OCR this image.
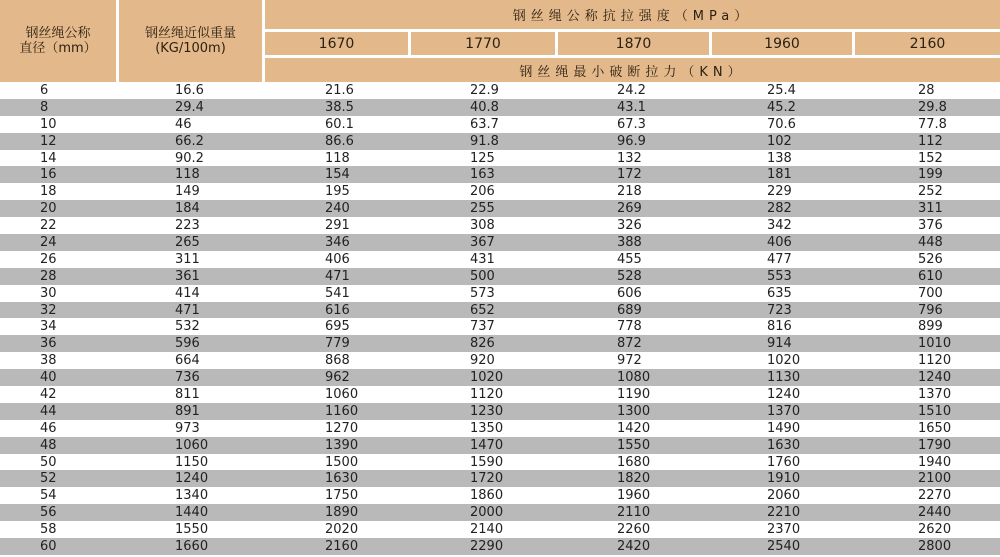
钢丝绳公称
直径（mm）
钢丝绳近似重量
(KG/100m)
钢丝绳公称抗拉强度（MPa）
1670	1770	1870	1960	2160
钢丝绳最小破断拉力（KN）
6	16.6	21.6	22.9	24.2	25.4	28
8	29.4	38.5	40.8	43.1	45.2	29.8
10	46	60.1	63.7	67.3	70.6	77.8
12	66.2	86.6	91.8	96.9	102	112
14	90.2	118	125	132	138	152
16	118	154	163	172	181	199
18	149	195	206	218	229	252
20	184	240	255	269	282	311
22	223	291	308	326	342	376
24	265	346	367	388	406	448
26	311	406	431	455	477	526
28	361	471	500	528	553	610
30	414	541	573	606	635	700
32	471	616	652	689	723	796
34	532	695	737	778	816	899
36	596	779	826	872	914	1010
38	664	868	920	972	1020	1120
40	736	962	1020	1080	1130	1240
42	811	1060	1120	1190	1240	1370
44	891	1160	1230	1300	1370	1510
46	973	1270	1350	1420	1490	1650
48	1060	1390	1470	1550	1630	1790
50	1150	1500	1590	1680	1760	1940
52	1240	1630	1720	1820	1910	2100
54	1340	1750	1860	1960	2060	2270
56	1440	1890	2000	2110	2210	2440
58	1550	2020	2140	2260	2370	2620
60	1660	2160	2290	2420	2540	2800
